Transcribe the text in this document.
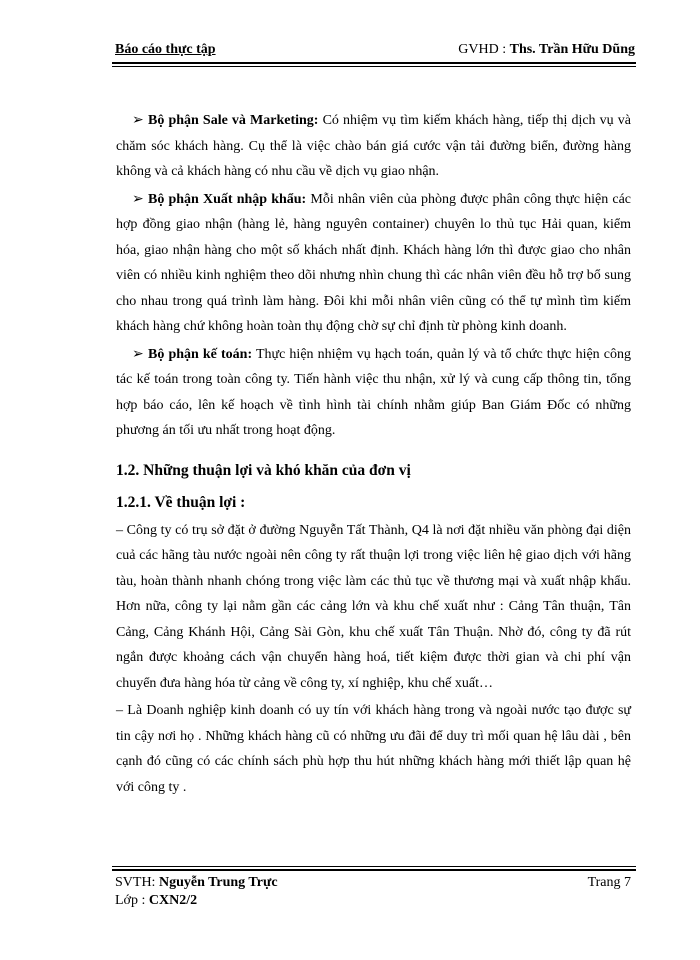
Báo cáo thực tập	GVHD : Ths. Trần Hữu Dũng

➢ Bộ phận Sale và Marketing: Có nhiệm vụ tìm kiếm khách hàng, tiếp thị dịch vụ và chăm sóc khách hàng. Cụ thể là việc chào bán giá cước vận tải đường biển, đường hàng không và cả khách hàng có nhu cầu về dịch vụ giao nhận.

➢ Bộ phận Xuất nhập khẩu: Mỗi nhân viên của phòng được phân công thực hiện các hợp đồng giao nhận (hàng lẻ, hàng nguyên container) chuyên lo thủ tục Hải quan, kiểm hóa, giao nhận hàng cho một số khách nhất định. Khách hàng lớn thì được giao cho nhân viên có nhiều kinh nghiệm theo dõi nhưng nhìn chung thì các nhân viên đều hỗ trợ bổ sung cho nhau trong quá trình làm hàng. Đôi khi mỗi nhân viên cũng có thể tự mình tìm kiếm khách hàng chứ không hoàn toàn thụ động chờ sự chỉ định từ phòng kinh doanh.

➢ Bộ phận kế toán: Thực hiện nhiệm vụ hạch toán, quản lý và tổ chức thực hiện công tác kế toán trong toàn công ty. Tiến hành việc thu nhận, xử lý và cung cấp thông tin, tổng hợp báo cáo, lên kế hoạch về tình hình tài chính nhằm giúp Ban Giám Đốc có những phương án tối ưu nhất trong hoạt động.

1.2. Những thuận lợi và khó khăn của đơn vị
1.2.1. Về thuận lợi :

– Công ty có trụ sở đặt ở đường Nguyễn Tất Thành, Q4 là nơi đặt nhiều văn phòng đại diện cuả các hãng tàu nước ngoài nên công ty rất thuận lợi trong việc liên hệ giao dịch với hãng tàu, hoàn thành nhanh chóng trong việc làm các thủ tục về thương mại và xuất nhập khẩu. Hơn nữa, công ty lại nằm gần các cảng lớn và khu chế xuất như : Cảng Tân thuận, Tân Cảng, Cảng Khánh Hội, Cảng Sài Gòn, khu chế xuất Tân Thuận. Nhờ đó, công ty đã rút ngắn được khoảng cách vận chuyển hàng hoá, tiết kiệm được thời gian và chi phí vận chuyển đưa hàng hóa từ cảng về công ty, xí nghiệp, khu chế xuất…

– Là Doanh nghiệp kinh doanh có uy tín với khách hàng trong và ngoài nước tạo được sự tin cậy nơi họ . Những khách hàng cũ có những ưu đãi để duy trì mối quan hệ lâu dài , bên cạnh đó cũng có các chính sách phù hợp thu hút những khách hàng mới thiết lập quan hệ với công ty .

SVTH: Nguyễn Trung Trực
Lớp : CXN2/2
Trang 7
